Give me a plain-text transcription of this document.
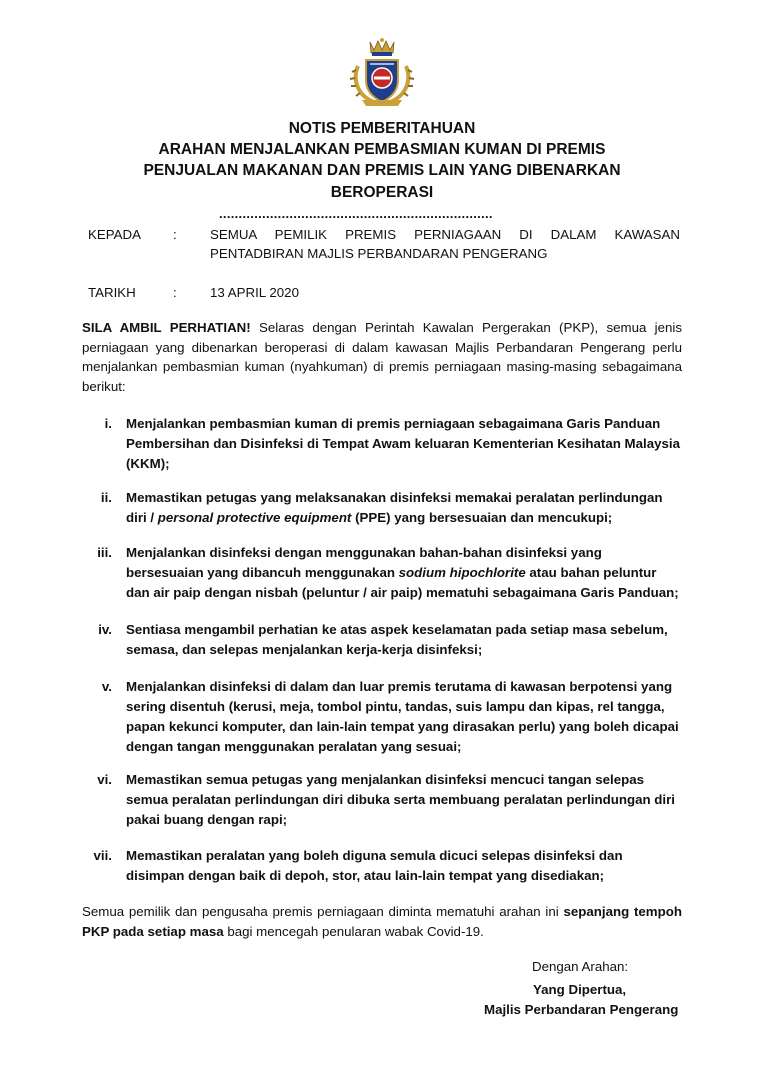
NOTIS PEMBERITAHUAN
ARAHAN MENJALANKAN PEMBASMIAN KUMAN DI PREMIS
PENJUALAN MAKANAN DAN PREMIS LAIN YANG DIBENARKAN
BEROPERASI
......................................................................
KEPADA :	SEMUA PEMILIK PREMIS PERNIAGAAN DI DALAM KAWASAN
PENTADBIRAN MAJLIS PERBANDARAN PENGERANG
TARIKH	:	13 APRIL 2020
SILA AMBIL PERHATIAN! Selaras dengan Perintah Kawalan Pergerakan (PKP), semua jenis perniagaan yang dibenarkan beroperasi di dalam kawasan Majlis Perbandaran Pengerang perlu menjalankan pembasmian kuman (nyahkuman) di premis perniagaan masing-masing sebagaimana berikut:
i. Menjalankan pembasmian kuman di premis perniagaan sebagaimana Garis Panduan Pembersihan dan Disinfeksi di Tempat Awam keluaran Kementerian Kesihatan Malaysia (KKM);
ii. Memastikan petugas yang melaksanakan disinfeksi memakai peralatan perlindungan diri / personal protective equipment (PPE) yang bersesuaian dan mencukupi;
iii. Menjalankan disinfeksi dengan menggunakan bahan-bahan disinfeksi yang bersesuaian yang dibancuh menggunakan sodium hipochlorite atau bahan peluntur dan air paip dengan nisbah (peluntur / air paip) mematuhi sebagaimana Garis Panduan;
iv. Sentiasa mengambil perhatian ke atas aspek keselamatan pada setiap masa sebelum, semasa, dan selepas menjalankan kerja-kerja disinfeksi;
v. Menjalankan disinfeksi di dalam dan luar premis terutama di kawasan berpotensi yang sering disentuh (kerusi, meja, tombol pintu, tandas, suis lampu dan kipas, rel tangga, papan kekunci komputer, dan lain-lain tempat yang dirasakan perlu) yang boleh dicapai dengan tangan menggunakan peralatan yang sesuai;
vi. Memastikan semua petugas yang menjalankan disinfeksi mencuci tangan selepas semua peralatan perlindungan diri dibuka serta membuang peralatan perlindungan diri pakai buang dengan rapi;
vii. Memastikan peralatan yang boleh diguna semula dicuci selepas disinfeksi dan disimpan dengan baik di depoh, stor, atau lain-lain tempat yang disediakan;
Semua pemilik dan pengusaha premis perniagaan diminta mematuhi arahan ini sepanjang tempoh PKP pada setiap masa bagi mencegah penularan wabak Covid-19.
Dengan Arahan:
Yang Dipertua,
Majlis Perbandaran Pengerang
